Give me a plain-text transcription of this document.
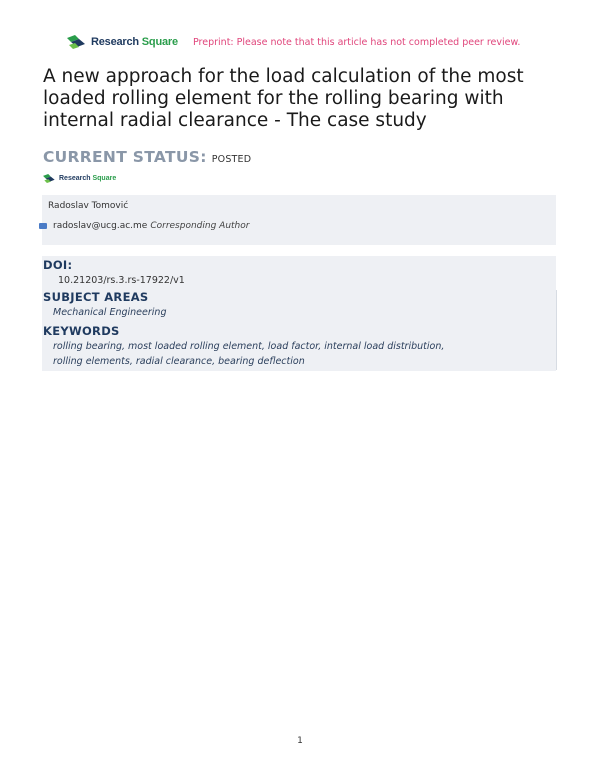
Research Square Preprint: Please note that this article has not completed peer review.
A new approach for the load calculation of the most loaded rolling element for the rolling bearing with internal radial clearance - The case study
CURRENT STATUS: POSTED
Research Square
Radoslav Tomović
radoslav@ucg.ac.me Corresponding Author
DOI:
10.21203/rs.3.rs-17922/v1
SUBJECT AREAS
Mechanical Engineering
KEYWORDS
rolling bearing, most loaded rolling element, load factor, internal load distribution,
rolling elements, radial clearance, bearing deflection
1
